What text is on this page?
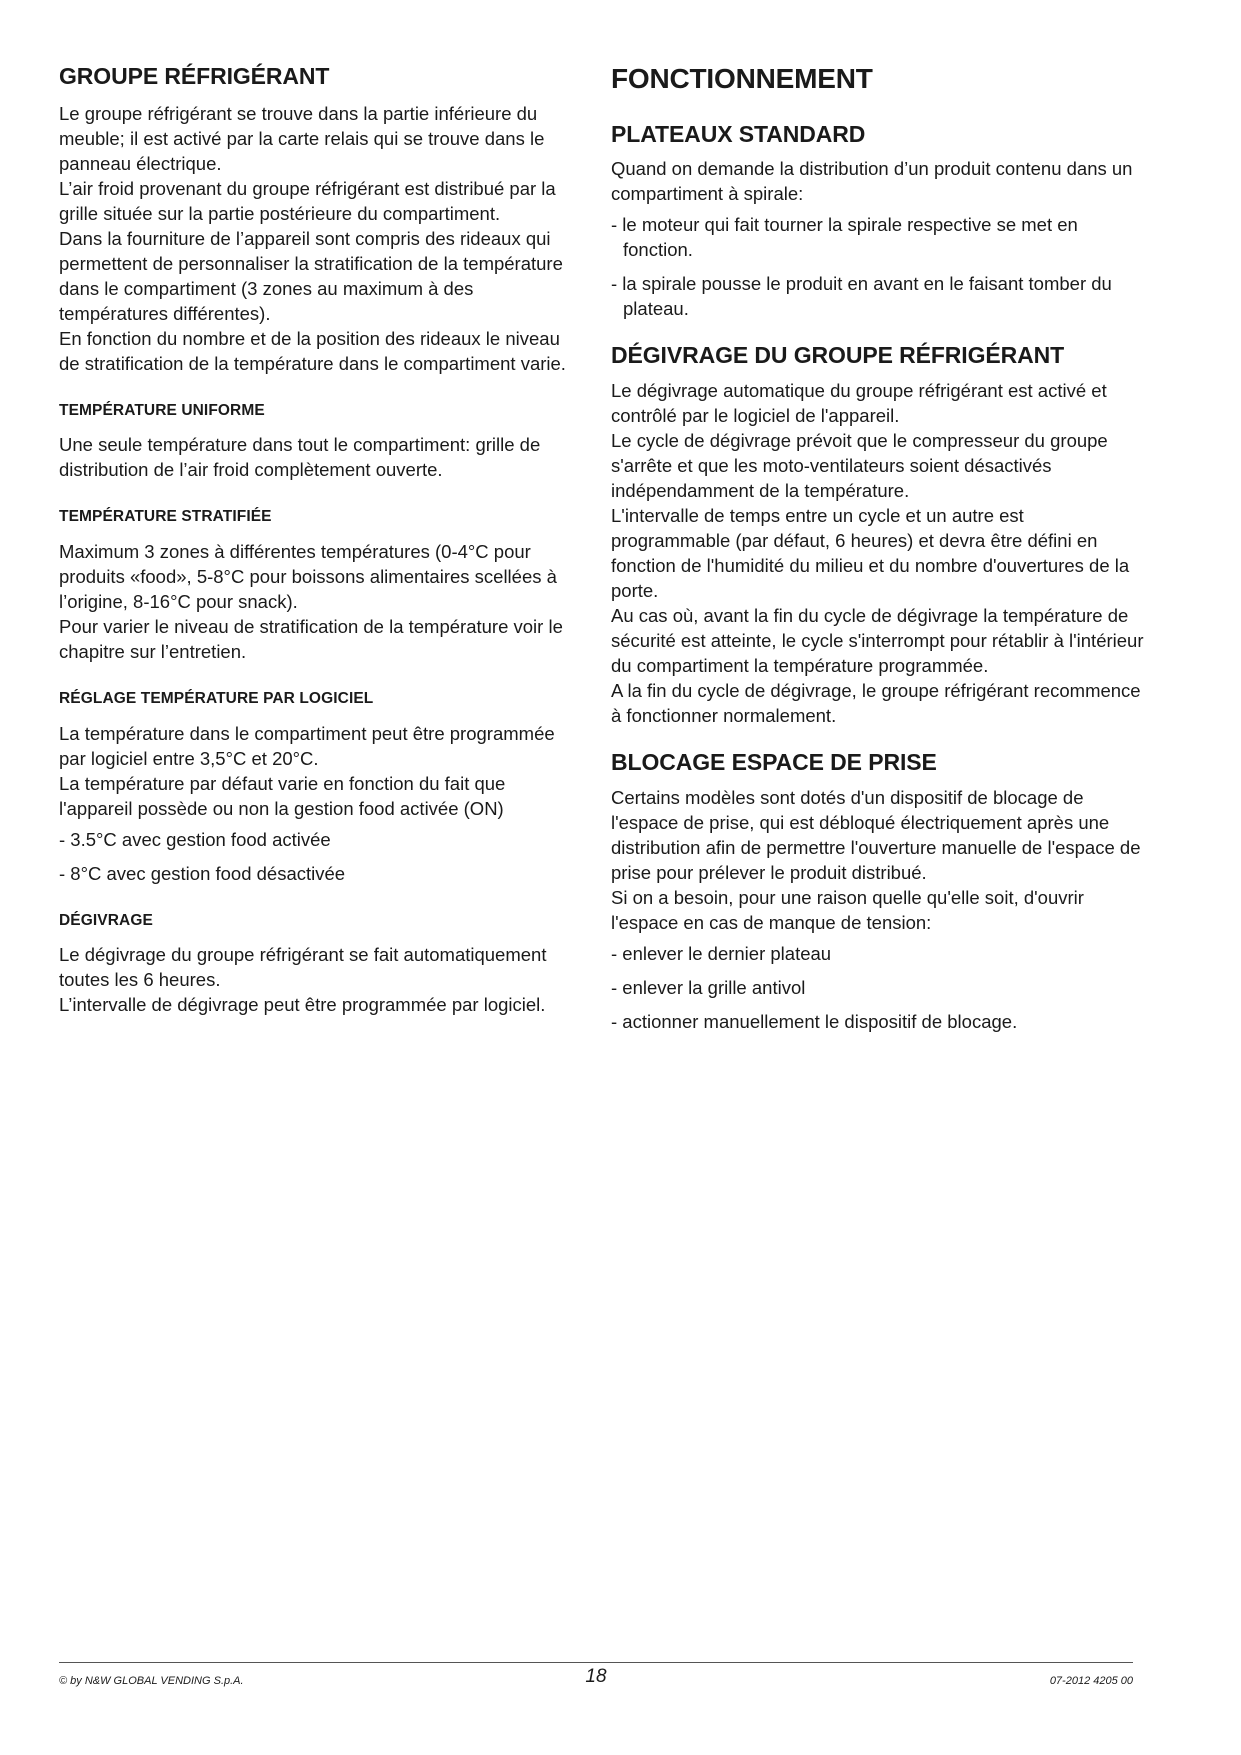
GROUPE RÉFRIGÉRANT

Le groupe réfrigérant se trouve dans la partie inférieure du meuble; il est activé par la carte relais qui se trouve dans le panneau électrique.

L’air froid provenant du groupe réfrigérant est distribué par la grille située sur la partie postérieure du compartiment.

Dans la fourniture de l’appareil sont compris des rideaux qui permettent de personnaliser la stratification de la température dans le compartiment (3 zones au maximum à des températures différentes).

En fonction du nombre et de la position des rideaux le niveau de stratification de la température dans le compartiment varie.

TEMPÉRATURE UNIFORME

Une seule température dans tout le compartiment: grille de distribution de l’air froid complètement ouverte.

TEMPÉRATURE STRATIFIÉE

Maximum 3 zones à différentes températures (0-4°C pour produits «food», 5-8°C pour boissons alimentaires scellées à l’origine, 8-16°C pour snack).

Pour varier le niveau de stratification de la température voir le chapitre sur l’entretien.

RÉGLAGE TEMPÉRATURE PAR LOGICIEL

La température dans le compartiment peut être programmée par logiciel entre 3,5°C et 20°C.

La température par défaut varie en fonction du fait que l'appareil possède ou non la gestion food activée (ON)

- 3.5°C avec gestion food activée

- 8°C avec gestion food désactivée

DÉGIVRAGE

Le dégivrage du groupe réfrigérant se fait automatiquement toutes les 6 heures.

L’intervalle de dégivrage peut être programmée par logiciel.

FONCTIONNEMENT
PLATEAUX STANDARD

Quand on demande la distribution d’un produit contenu dans un compartiment à spirale:

- le moteur qui fait tourner la spirale respective se met en fonction.

- la spirale pousse le produit en avant en le faisant tomber du plateau.

DÉGIVRAGE DU GROUPE RÉFRIGÉRANT

Le dégivrage automatique du groupe réfrigérant est activé et contrôlé par le logiciel de l'appareil.

Le cycle de dégivrage prévoit que le compresseur du groupe s'arrête et que les moto-ventilateurs soient désactivés indépendamment de la température.

L'intervalle de temps entre un cycle et un autre est programmable (par défaut, 6 heures) et devra être défini en fonction de l'humidité du milieu et du nombre d'ouvertures de la porte.

Au cas où, avant la fin du cycle de dégivrage la température de sécurité est atteinte, le cycle s'interrompt pour rétablir à l'intérieur du compartiment la température programmée.

A la fin du cycle de dégivrage, le groupe réfrigérant recommence à fonctionner normalement.

BLOCAGE ESPACE DE PRISE

Certains modèles sont dotés d'un dispositif de blocage de l'espace de prise, qui est débloqué électriquement après une distribution afin de permettre l'ouverture manuelle de l'espace de prise pour prélever le produit distribué.

Si on a besoin, pour une raison quelle qu'elle soit, d'ouvrir l'espace en cas de manque de tension:

- enlever le dernier plateau

- enlever la grille antivol

- actionner manuellement le dispositif de blocage.

© by N&W GLOBAL VENDING S.p.A.	18	07-2012 4205 00
